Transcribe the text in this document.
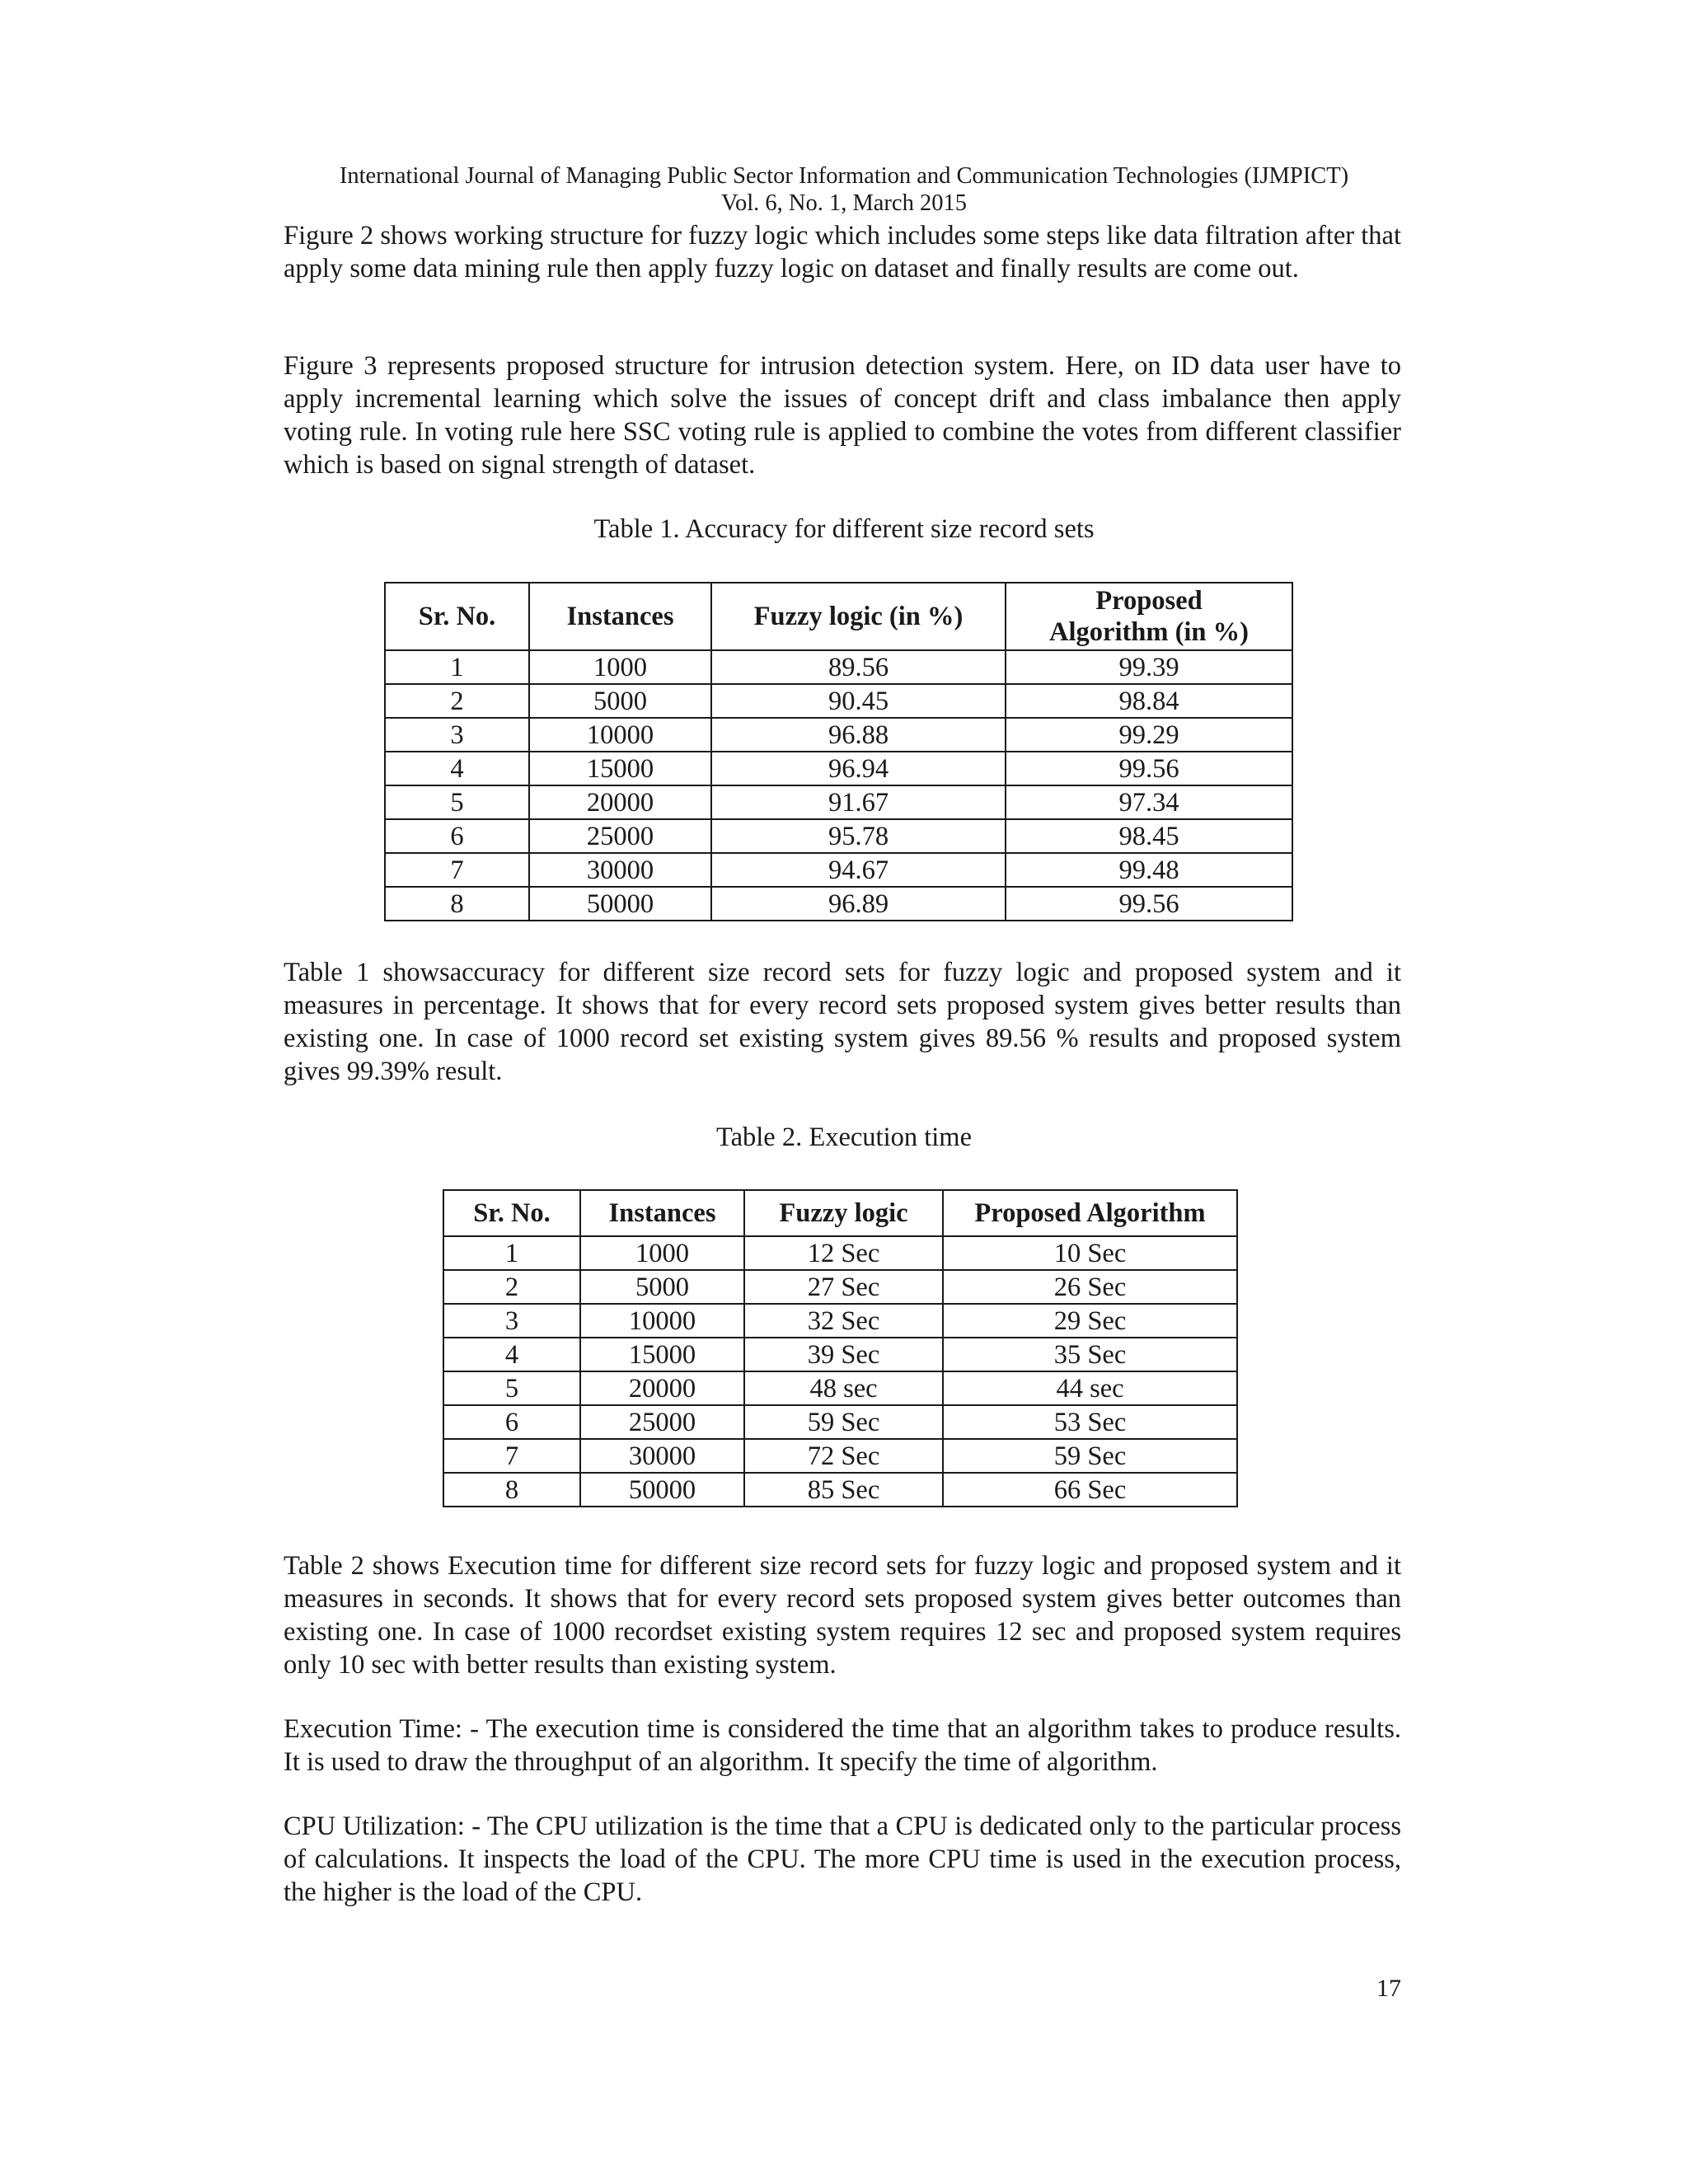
International Journal of Managing Public Sector Information and Communication Technologies (IJMPICT)
Vol. 6, No. 1, March 2015

Figure 2 shows working structure for fuzzy logic which includes some steps like data filtration after that apply some data mining rule then apply fuzzy logic on dataset and finally results are come out.

Figure 3 represents proposed structure for intrusion detection system. Here, on ID data user have to apply incremental learning which solve the issues of concept drift and class imbalance then apply voting rule. In voting rule here SSC voting rule is applied to combine the votes from different classifier which is based on signal strength of dataset.

Table 1. Accuracy for different size record sets

Sr. No.	Instances	Fuzzy logic (in %)	Proposed Algorithm (in %)
1	1000	89.56	99.39
2	5000	90.45	98.84
3	10000	96.88	99.29
4	15000	96.94	99.56
5	20000	91.67	97.34
6	25000	95.78	98.45
7	30000	94.67	99.48
8	50000	96.89	99.56

Table 1 showsaccuracy for different size record sets for fuzzy logic and proposed system and it measures in percentage. It shows that for every record sets proposed system gives better results than existing one. In case of 1000 record set existing system gives 89.56 % results and proposed system gives 99.39% result.

Table 2. Execution time

Sr. No.	Instances	Fuzzy logic	Proposed Algorithm
1	1000	12 Sec	10 Sec
2	5000	27 Sec	26 Sec
3	10000	32 Sec	29 Sec
4	15000	39 Sec	35 Sec
5	20000	48 sec	44 sec
6	25000	59 Sec	53 Sec
7	30000	72 Sec	59 Sec
8	50000	85 Sec	66 Sec

Table 2 shows Execution time for different size record sets for fuzzy logic and proposed system and it measures in seconds. It shows that for every record sets proposed system gives better outcomes than existing one. In case of 1000 recordset existing system requires 12 sec and proposed system requires only 10 sec with better results than existing system.

Execution Time: - The execution time is considered the time that an algorithm takes to produce results. It is used to draw the throughput of an algorithm. It specify the time of algorithm.

CPU Utilization: - The CPU utilization is the time that a CPU is dedicated only to the particular process of calculations. It inspects the load of the CPU. The more CPU time is used in the execution process, the higher is the load of the CPU.

17
